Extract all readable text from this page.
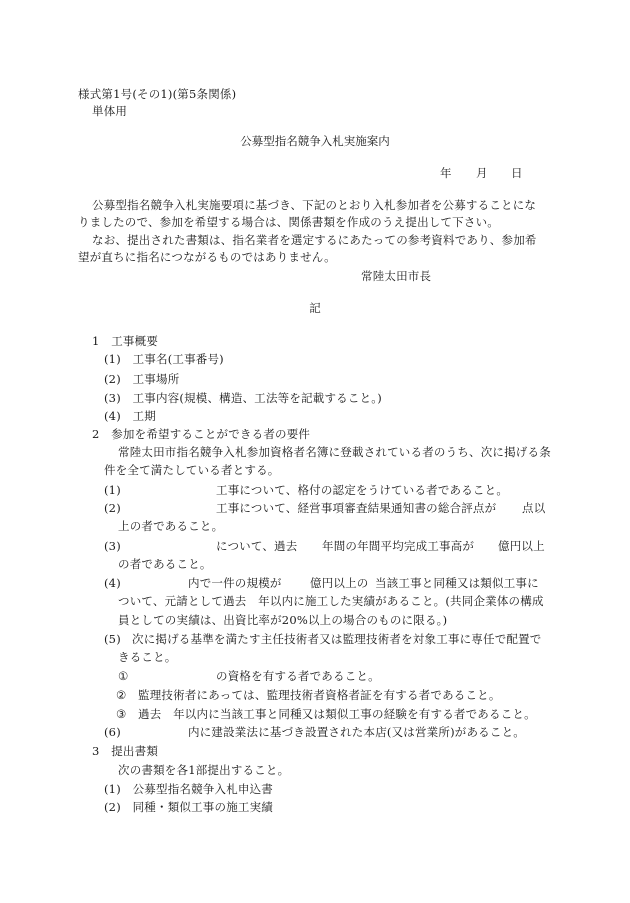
様式第1号(その1)(第5条関係)
単体用
公募型指名競争入札実施案内
年 月 日
公募型指名競争入札実施要項に基づき、下記のとおり入札参加者を公募することにな
りましたので、参加を希望する場合は、関係書類を作成のうえ提出して下さい。
なお、提出された書類は、指名業者を選定するにあたっての参考資料であり、参加希
望が直ちに指名につながるものではありません。
常陸太田市長
記
1　工事概要
(1)　工事名(工事番号)
(2)　工事場所
(3)　工事内容(規模、構造、工法等を記載すること。)
(4)　工期
2　参加を希望することができる者の要件
常陸太田市指名競争入札参加資格者名簿に登載されている者のうち、次に掲げる条
件を全て満たしている者とする。
(1)	工事について、格付の認定をうけている者であること。
(2)	工事について、経営事項審査結果通知書の総合評点が 点以
上の者であること。
(3)	について、過去 年間の年間平均完成工事高が 億円以上
の者であること。
(4)	内で一件の規模が 億円以上の 当該工事と同種又は類似工事に
ついて、元請として過去　年以内に施工した実績があること。(共同企業体の構成
員としての実績は、出資比率が20%以上の場合のものに限る。)
(5) 次に掲げる基準を満たす主任技術者又は監理技術者を対象工事に専任で配置で
きること。
①	の資格を有する者であること。
② 監理技術者にあっては、監理技術者資格者証を有する者であること。
③ 過去　年以内に当該工事と同種又は類似工事の経験を有する者であること。
(6)	内に建設業法に基づき設置された本店(又は営業所)があること。
3　提出書類
次の書類を各1部提出すること。
(1)　公募型指名競争入札申込書
(2)　同種・類似工事の施工実績
